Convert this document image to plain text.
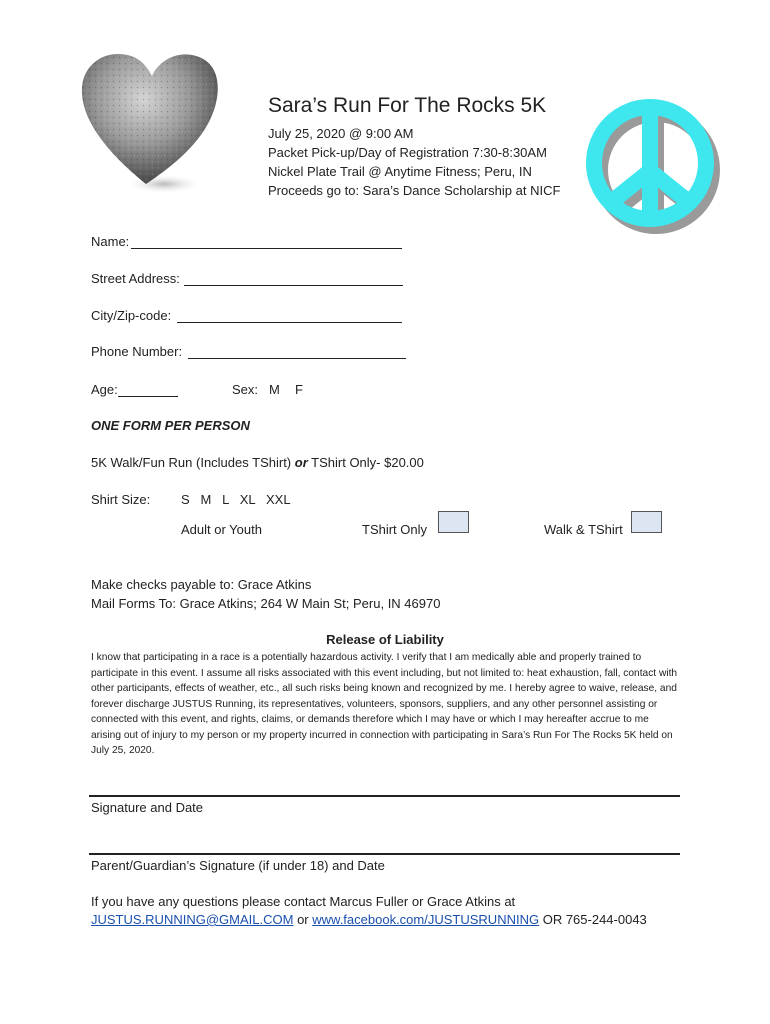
Sara’s Run For The Rocks 5K
July 25, 2020 @ 9:00 AM
Packet Pick-up/Day of Registration 7:30-8:30AM
Nickel Plate Trail @ Anytime Fitness; Peru, IN
Proceeds go to: Sara’s Dance Scholarship at NICF
Name:
Street Address:
City/Zip-code:
Phone Number:
Age:	Sex: M F
ONE FORM PER PERSON
5K Walk/Fun Run (Includes TShirt) or TShirt Only- $20.00
Shirt Size: S   M   L   XL   XXL
Adult or Youth	TShirt Only	Walk & TShirt
Make checks payable to: Grace Atkins
Mail Forms To: Grace Atkins; 264 W Main St; Peru, IN 46970
Release of Liability
I know that participating in a race is a potentially hazardous activity. I verify that I am medically able and properly trained to participate in this event. I assume all risks associated with this event including, but not limited to: heat exhaustion, fall, contact with other participants, effects of weather, etc., all such risks being known and recognized by me. I hereby agree to waive, release, and forever discharge JUSTUS Running, its representatives, volunteers, sponsors, suppliers, and any other personnel assisting or connected with this event, and rights, claims, or demands therefore which I may have or which I may hereafter accrue to me arising out of injury to my person or my property incurred in connection with participating in Sara’s Run For The Rocks 5K held on July 25, 2020.
Signature and Date
Parent/Guardian’s Signature (if under 18) and Date
If you have any questions please contact Marcus Fuller or Grace Atkins at
JUSTUS.RUNNING@GMAIL.COM or www.facebook.com/JUSTUSRUNNING OR 765-244-0043
